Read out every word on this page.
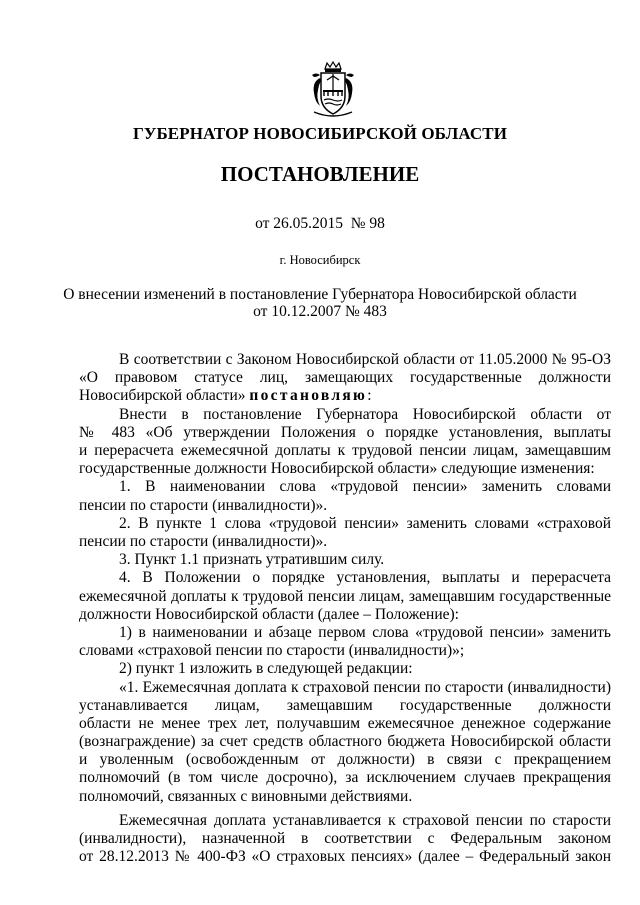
ГУБЕРНАТОР НОВОСИБИРСКОЙ ОБЛАСТИ
ПОСТАНОВЛЕНИЕ
от 26.05.2015  № 98
г. Новосибирск
О внесении изменений в постановление Губернатора Новосибирской области
от 10.12.2007 № 483
В соответствии с Законом Новосибирской области от 11.05.2000 № 95-ОЗ
«О правовом статусе лиц, замещающих государственные должности
Новосибирской области» постановляю:
Внести в постановление Губернатора Новосибирской области от
№ 483 «Об утверждении Положения о порядке установления, выплаты
и перерасчета ежемесячной доплаты к трудовой пенсии лицам, замещавшим
государственные должности Новосибирской области» следующие изменения:
1. В наименовании слова «трудовой пенсии» заменить словами
пенсии по старости (инвалидности)».
2. В пункте 1 слова «трудовой пенсии» заменить словами «страховой
пенсии по старости (инвалидности)».
3. Пункт 1.1 признать утратившим силу.
4. В Положении о порядке установления, выплаты и перерасчета
ежемесячной доплаты к трудовой пенсии лицам, замещавшим государственные
должности Новосибирской области (далее – Положение):
1) в наименовании и абзаце первом слова «трудовой пенсии» заменить
словами «страховой пенсии по старости (инвалидности)»;
2) пункт 1 изложить в следующей редакции:
«1. Ежемесячная доплата к страховой пенсии по старости (инвалидности)
устанавливается лицам, замещавшим государственные должности
области не менее трех лет, получавшим ежемесячное денежное содержание
(вознаграждение) за счет средств областного бюджета Новосибирской области
и уволенным (освобожденным от должности) в связи с прекращением
полномочий (в том числе досрочно), за исключением случаев прекращения
полномочий, связанных с виновными действиями.
Ежемесячная доплата устанавливается к страховой пенсии по старости
(инвалидности), назначенной в соответствии с Федеральным законом
от 28.12.2013 № 400-ФЗ «О страховых пенсиях» (далее – Федеральный закон
